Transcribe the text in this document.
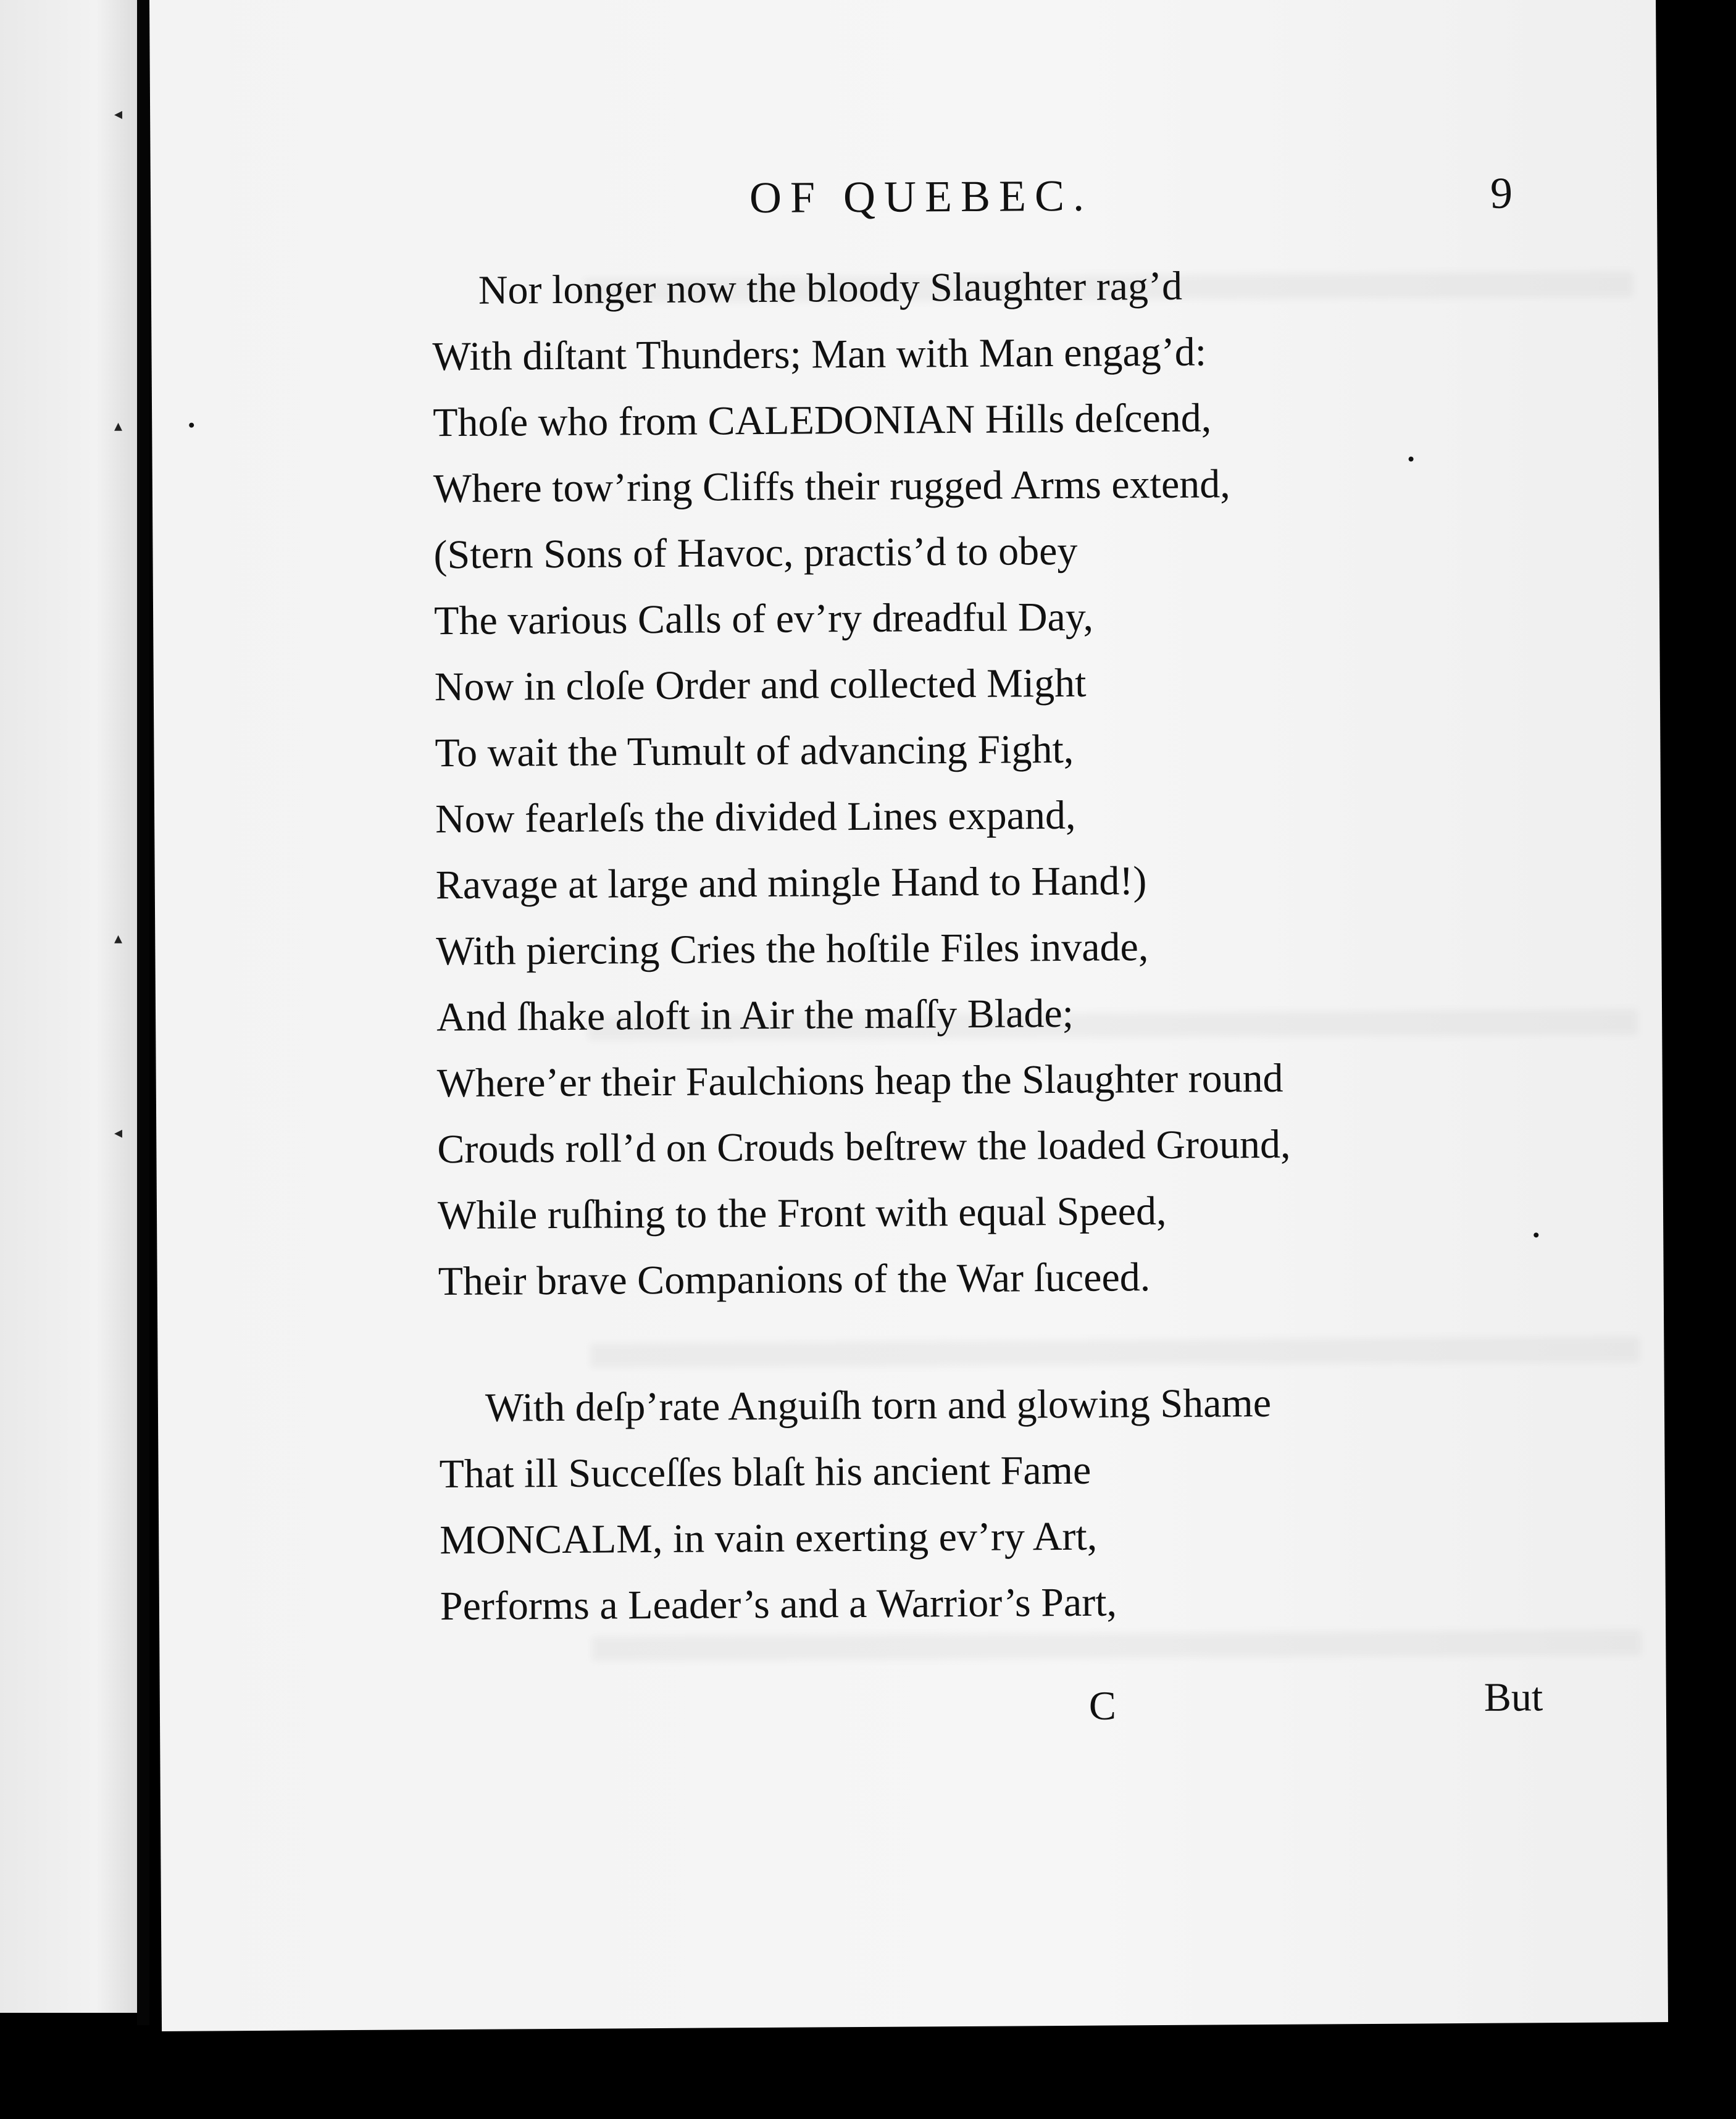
◂
▴
▴
◂
OF QUEBEC.	9
Nor longer now the bloody Slaughter rag’d
With diſtant Thunders; Man with Man engag’d:
Thoſe who from CALEDONIAN Hills deſcend,
Where tow’ring Cliffs their rugged Arms extend,
(Stern Sons of Havoc, practis’d to obey
The various Calls of ev’ry dreadful Day,
Now in cloſe Order and collected Might
To wait the Tumult of advancing Fight,
Now fearleſs the divided Lines expand,
Ravage at large and mingle Hand to Hand!)
With piercing Cries the hoſtile Files invade,
And ſhake aloft in Air the maſſy Blade;
Where’er their Faulchions heap the Slaughter round
Crouds roll’d on Crouds beſtrew the loaded Ground,
While ruſhing to the Front with equal Speed,
Their brave Companions of the War ſuceed.
With deſp’rate Anguiſh torn and glowing Shame
That ill Succeſſes blaſt his ancient Fame
MONCALM, in vain exerting ev’ry Art,
Performs a Leader’s and a Warrior’s Part,
C	But
